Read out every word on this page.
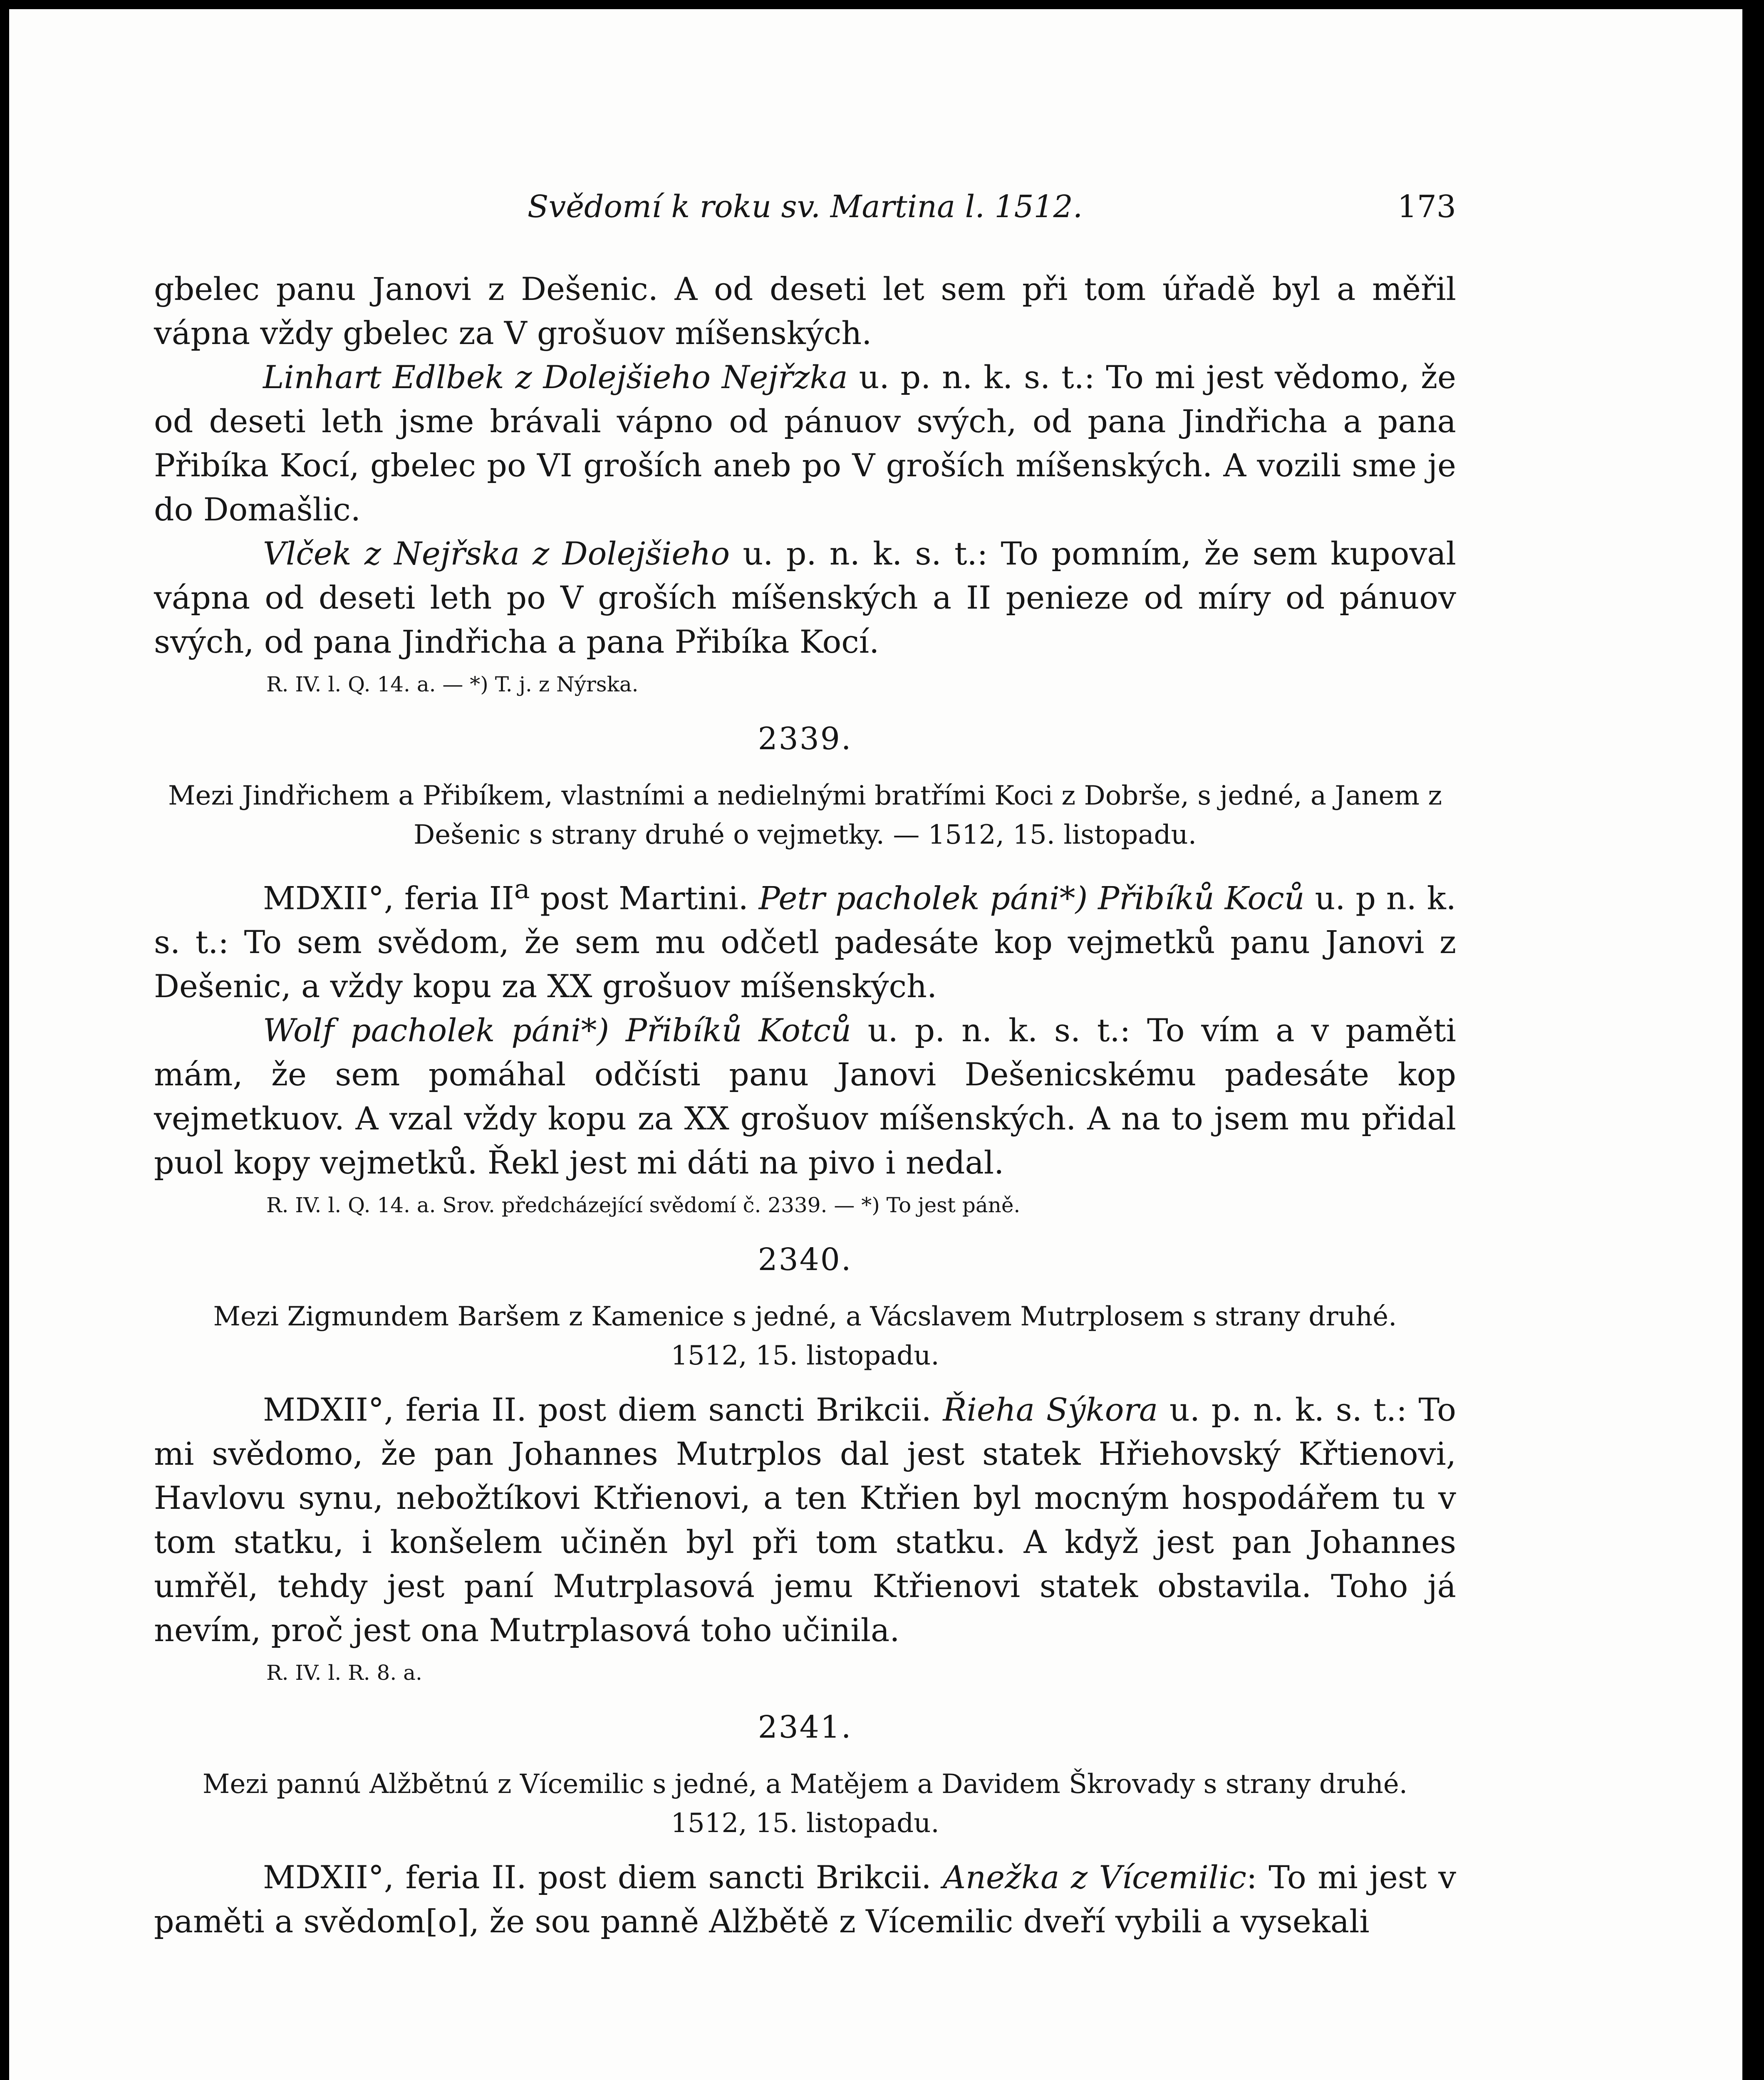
Svědomí k roku sv. Martina l. 1512.	173

gbelec panu Janovi z Dešenic. A od deseti let sem při tom úřadě byl a měřil vápna vždy gbelec za V grošuov míšenských.

Linhart Edlbek z Dolejšieho Nejřzka u. p. n. k. s. t.: To mi jest vědomo, že od deseti leth jsme brávali vápno od pánuov svých, od pana Jindřicha a pana Přibíka Kocí, gbelec po VI groších aneb po V groších míšenských. A vozili sme je do Domašlic.

Vlček z Nejřska z Dolejšieho u. p. n. k. s. t.: To pomním, že sem kupoval vápna od deseti leth po V groších míšenských a II penieze od míry od pánuov svých, od pana Jindřicha a pana Přibíka Kocí.

R. IV. l. Q. 14. a. — *) T. j. z Nýrska.
2339.

Mezi Jindřichem a Přibíkem, vlastními a nedielnými bratřími Koci z Dobrše, s jedné, a Janem z Dešenic s strany druhé o vejmetky. — 1512, 15. listopadu.

MDXII°, feria $II^a$ post Martini. Petr pacholek páni*) Přibíků Koců u. p n. k. s. t.: To sem svědom, že sem mu odčetl padesáte kop vejmetků panu Janovi z Dešenic, a vždy kopu za XX grošuov míšenských.

Wolf pacholek páni*) Přibíků Kotců u. p. n. k. s. t.: To vím a v paměti mám, že sem pomáhal odčísti panu Janovi Dešenicskému padesáte kop vejmetkuov. A vzal vždy kopu za XX grošuov míšenských. A na to jsem mu přidal puol kopy vejmetků. Řekl jest mi dáti na pivo i nedal.

R. IV. l. Q. 14. a. Srov. předcházející svědomí č. 2339. — *) To jest páně.
2340.

Mezi Zigmundem Baršem z Kamenice s jedné, a Vácslavem Mutrplosem s strany druhé.
1512, 15. listopadu.

MDXII°, feria II. post diem sancti Brikcii. Řieha Sýkora u. p. n. k. s. t.: To mi svědomo, že pan Johannes Mutrplos dal jest statek Hřiehovský Křtienovi, Havlovu synu, nebožtíkovi Ktřienovi, a ten Ktřien byl mocným hospodářem tu v tom statku, i konšelem učiněn byl při tom statku. A když jest pan Johannes umřěl, tehdy jest paní Mutrplasová jemu Ktřienovi statek obstavila. Toho já nevím, proč jest ona Mutrplasová toho učinila.

R. IV. l. R. 8. a.
2341.

Mezi pannú Alžbětnú z Vícemilic s jedné, a Matějem a Davidem Škrovady s strany druhé.
1512, 15. listopadu.

MDXII°, feria II. post diem sancti Brikcii. Anežka z Vícemilic: To mi jest v paměti a svědom[o], že sou panně Alžbětě z Vícemilic dveří vybili a vysekali
